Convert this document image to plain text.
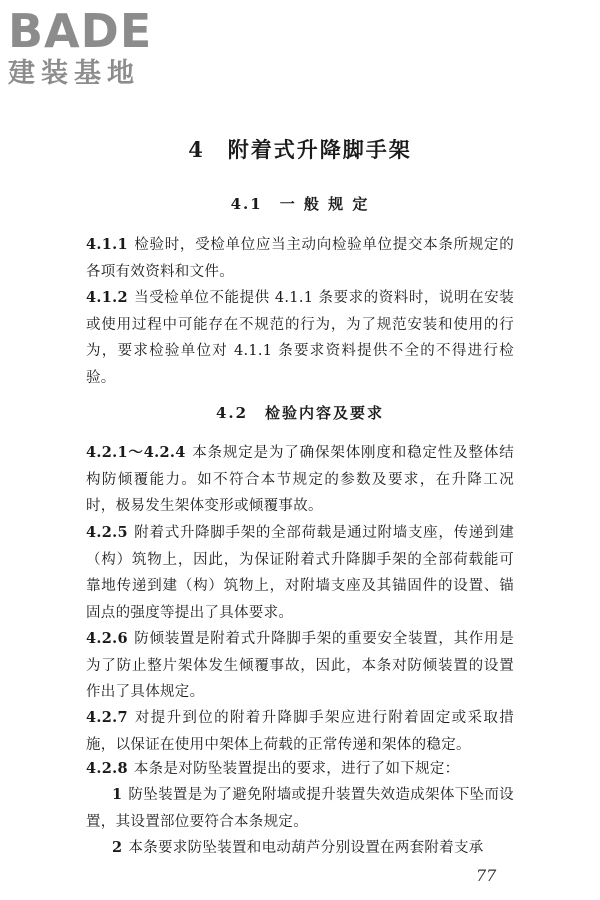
BADE
建装基地
4　附着式升降脚手架
4.1　一 般 规 定
4.1.1 检验时，受检单位应当主动向检验单位提交本条所规定的各项有效资料和文件。
4.1.2 当受检单位不能提供 4.1.1 条要求的资料时，说明在安装或使用过程中可能存在不规范的行为，为了规范安装和使用的行为，要求检验单位对 4.1.1 条要求资料提供不全的不得进行检验。
4.2　检验内容及要求
4.2.1～4.2.4 本条规定是为了确保架体刚度和稳定性及整体结构防倾覆能力。如不符合本节规定的参数及要求，在升降工况时，极易发生架体变形或倾覆事故。
4.2.5 附着式升降脚手架的全部荷载是通过附墙支座，传递到建（构）筑物上，因此，为保证附着式升降脚手架的全部荷载能可靠地传递到建（构）筑物上，对附墙支座及其锚固件的设置、锚固点的强度等提出了具体要求。
4.2.6 防倾装置是附着式升降脚手架的重要安全装置，其作用是为了防止整片架体发生倾覆事故，因此，本条对防倾装置的设置作出了具体规定。
4.2.7 对提升到位的附着升降脚手架应进行附着固定或采取措施，以保证在使用中架体上荷载的正常传递和架体的稳定。
4.2.8 本条是对防坠装置提出的要求，进行了如下规定：
1 防坠装置是为了避免附墙或提升装置失效造成架体下坠而设置，其设置部位要符合本条规定。
2 本条要求防坠装置和电动葫芦分别设置在两套附着支承
77
